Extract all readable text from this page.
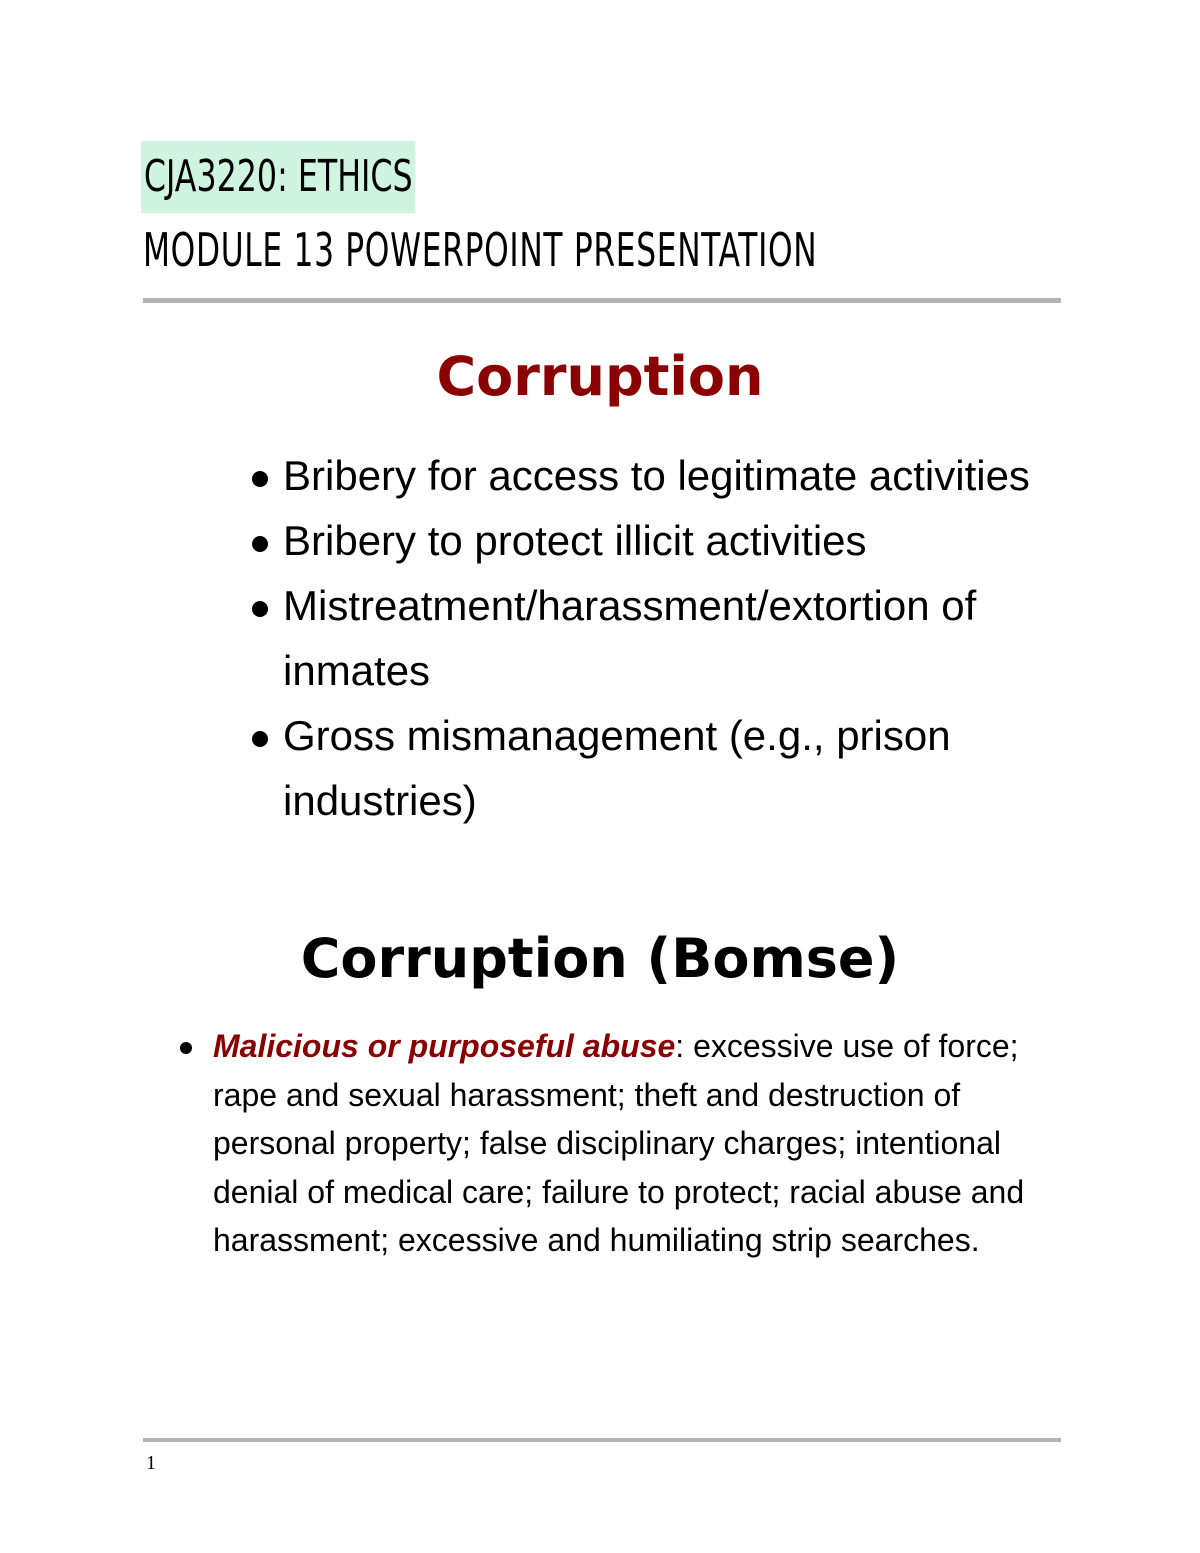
CJA3220: ETHICS
MODULE 13 POWERPOINT PRESENTATION
Corruption
Bribery for access to legitimate activities
Bribery to protect illicit activities
Mistreatment/harassment/extortion of inmates
Gross mismanagement (e.g., prison industries)
Corruption (Bomse)
Malicious or purposeful abuse: excessive use of force; rape and sexual harassment; theft and destruction of personal property; false disciplinary charges; intentional denial of medical care; failure to protect; racial abuse and harassment; excessive and humiliating strip searches.
1
